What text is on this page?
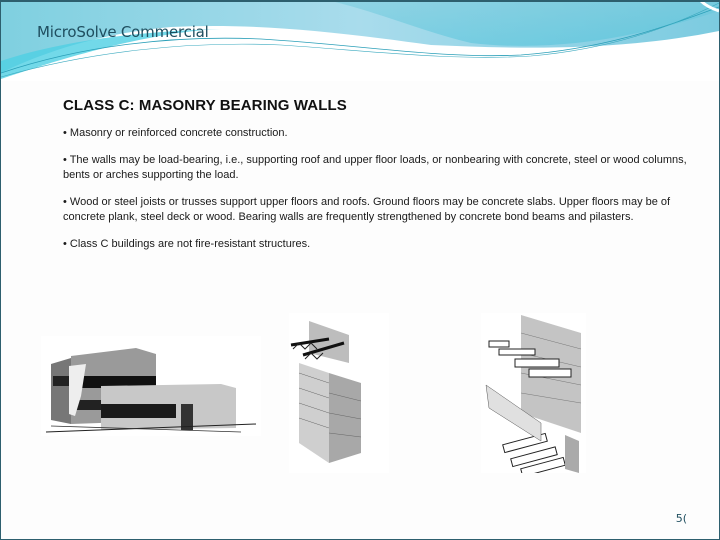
MicroSolve Commercial
CLASS C: MASONRY BEARING WALLS

• Masonry or reinforced concrete construction.

• The walls may be load-bearing, i.e., supporting roof and upper floor loads, or nonbearing with concrete, steel or wood columns, bents or arches supporting the load.

• Wood or steel joists or trusses support upper floors and roofs. Ground floors may be concrete slabs. Upper floors may be of concrete plank, steel deck or wood. Bearing walls are frequently strengthened by concrete bond beams and pilasters.

• Class C buildings are not fire-resistant structures.

5(
